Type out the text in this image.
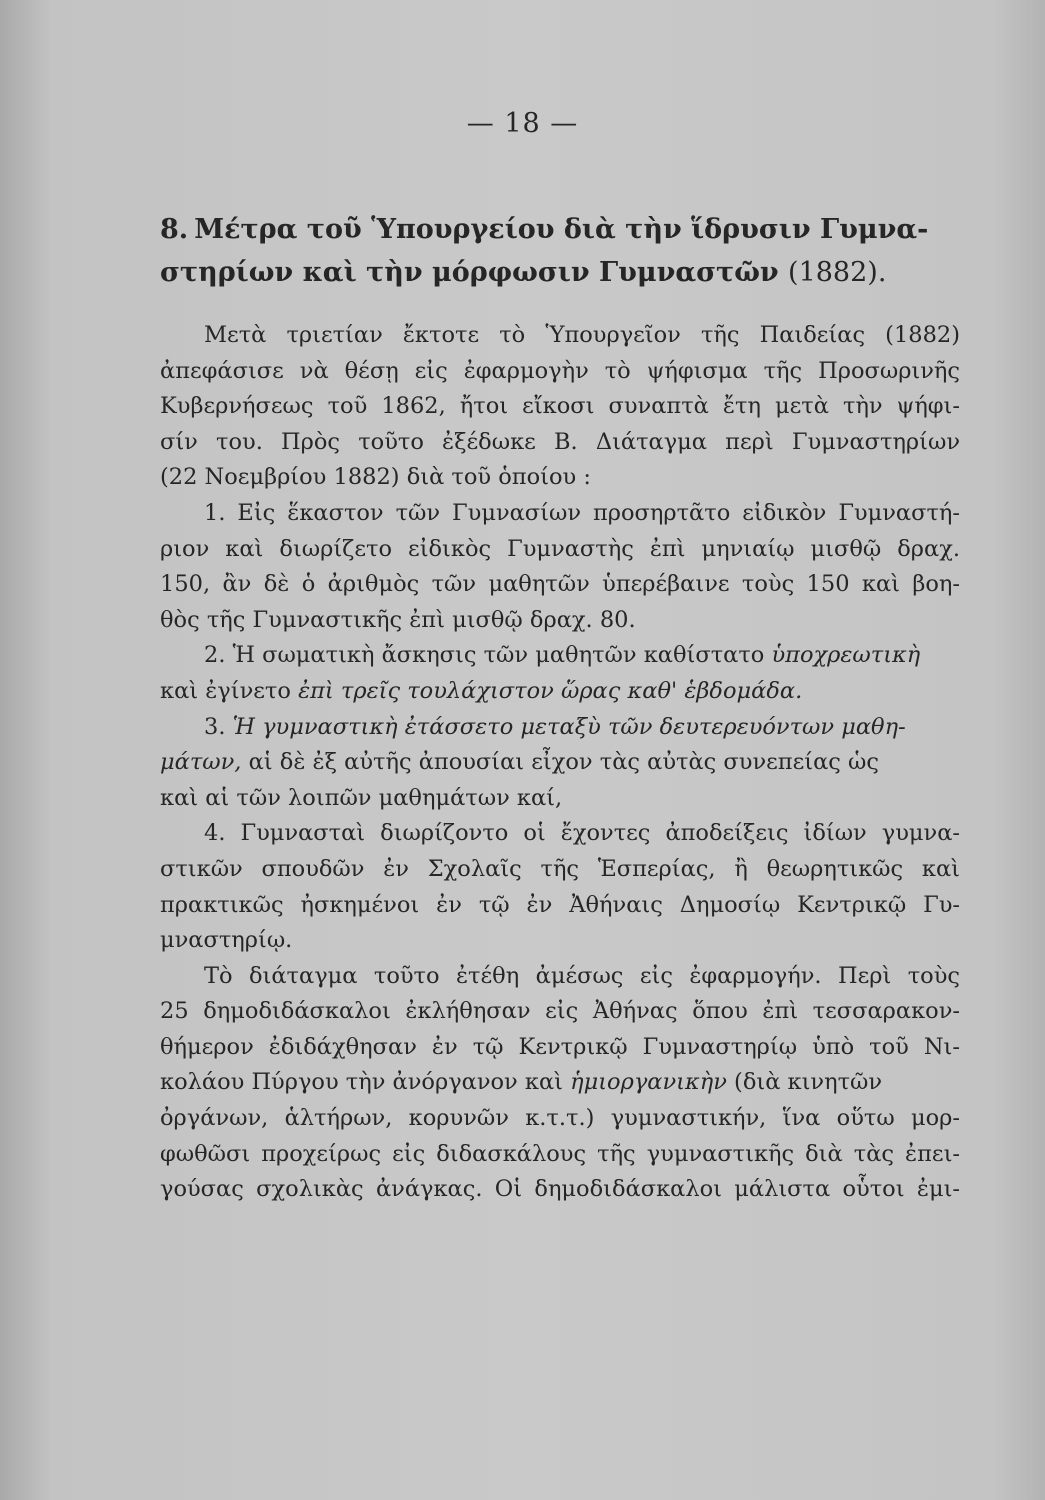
— 18 —
8. Μέτρα τοῦ Ὑπουργείου διὰ τὴν ἵδρυσιν Γυμνα-
στηρίων καὶ τὴν μόρφωσιν Γυμναστῶν (1882).
Μετὰ τριετίαν ἔκτοτε τὸ Ὑπουργεῖον τῆς Παιδείας (1882)
ἀπεφάσισε νὰ θέσῃ εἰς ἐφαρμογὴν τὸ ψήφισμα τῆς Προσωρινῆς
Κυβερνήσεως τοῦ 1862, ἤτοι εἴκοσι συναπτὰ ἔτη μετὰ τὴν ψήφι-
σίν του. Πρὸς τοῦτο ἐξέδωκε Β. Διάταγμα περὶ Γυμναστηρίων
(22 Νοεμβρίου 1882) διὰ τοῦ ὁποίου :
1. Εἰς ἕκαστον τῶν Γυμνασίων προσηρτᾶτο εἰδικὸν Γυμναστή-
ριον καὶ διωρίζετο εἰδικὸς Γυμναστὴς ἐπὶ μηνιαίῳ μισθῷ δραχ.
150, ἂν δὲ ὁ ἀριθμὸς τῶν μαθητῶν ὑπερέβαινε τοὺς 150 καὶ βοη-
θὸς τῆς Γυμναστικῆς ἐπὶ μισθῷ δραχ. 80.
2. Ἡ σωματικὴ ἄσκησις τῶν μαθητῶν καθίστατο ὑποχρεωτικὴ
καὶ ἐγίνετο ἐπὶ τρεῖς τουλάχιστον ὥρας καθ' ἑβδομάδα.
3. Ἡ γυμναστικὴ ἐτάσσετο μεταξὺ τῶν δευτερευόντων μαθη-
μάτων, αἱ δὲ ἐξ αὐτῆς ἀπουσίαι εἶχον τὰς αὐτὰς συνεπείας ὡς
καὶ αἱ τῶν λοιπῶν μαθημάτων καί,
4. Γυμνασταὶ διωρίζοντο οἱ ἔχοντες ἀποδείξεις ἰδίων γυμνα-
στικῶν σπουδῶν ἐν Σχολαῖς τῆς Ἑσπερίας, ἢ θεωρητικῶς καὶ
πρακτικῶς ἠσκημένοι ἐν τῷ ἐν Ἀθήναις Δημοσίῳ Κεντρικῷ Γυ-
μναστηρίῳ.
Τὸ διάταγμα τοῦτο ἐτέθη ἀμέσως εἰς ἐφαρμογήν. Περὶ τοὺς
25 δημοδιδάσκαλοι ἐκλήθησαν εἰς Ἀθήνας ὅπου ἐπὶ τεσσαρακον-
θήμερον ἐδιδάχθησαν ἐν τῷ Κεντρικῷ Γυμναστηρίῳ ὑπὸ τοῦ Νι-
κολάου Πύργου τὴν ἀνόργανον καὶ ἡμιοργανικὴν (διὰ κινητῶν
ὀργάνων, ἁλτήρων, κορυνῶν κ.τ.τ.) γυμναστικήν, ἵνα οὕτω μορ-
φωθῶσι προχείρως εἰς διδασκάλους τῆς γυμναστικῆς διὰ τὰς ἐπει-
γούσας σχολικὰς ἀνάγκας. Οἱ δημοδιδάσκαλοι μάλιστα οὗτοι ἐμι-
